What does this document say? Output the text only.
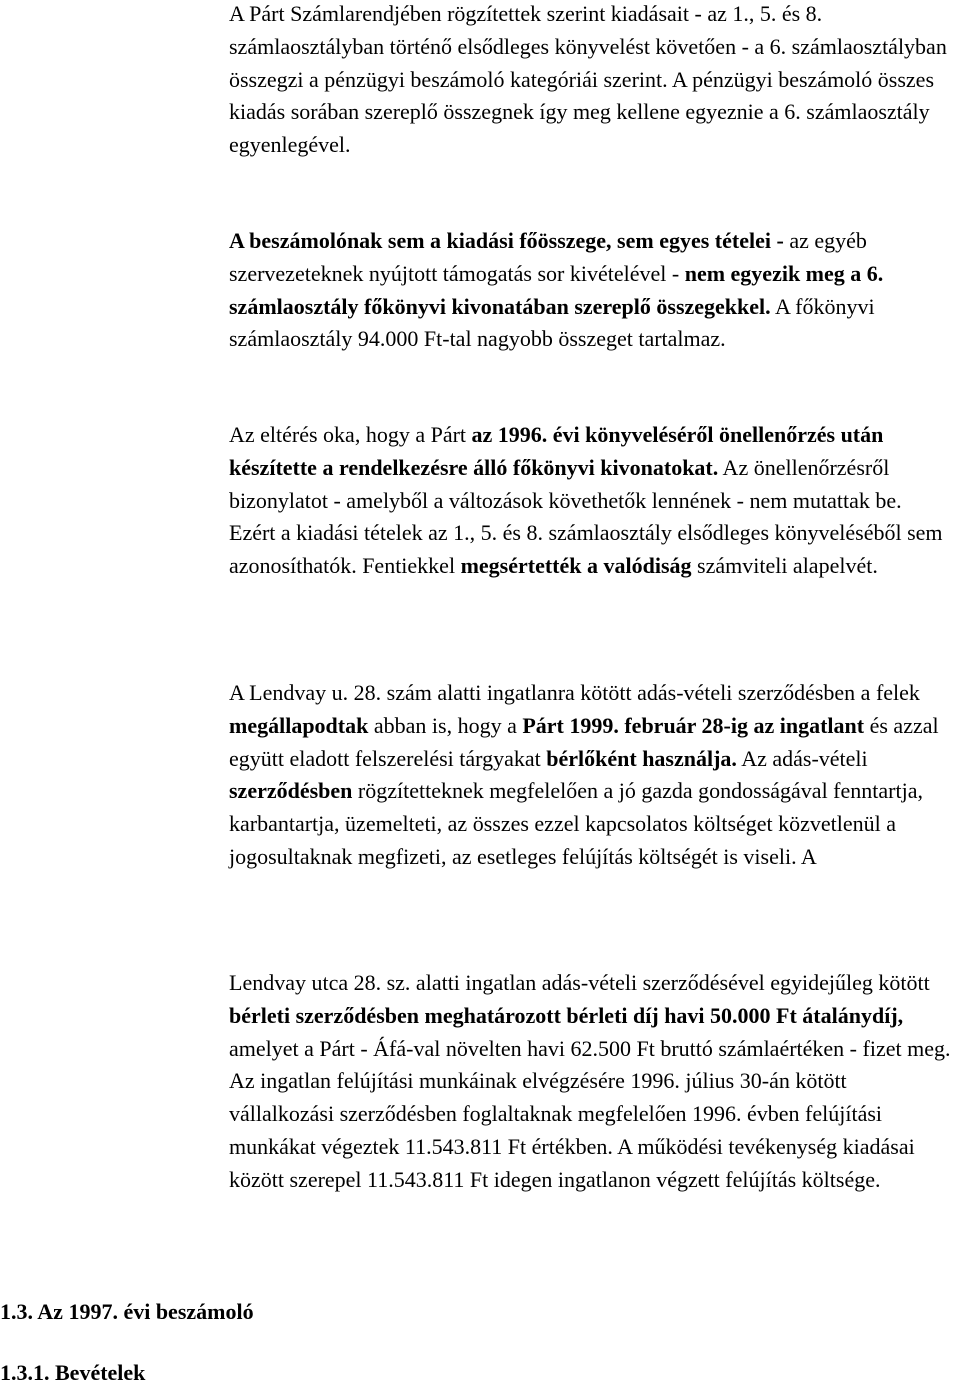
A Párt Számlarendjében rögzítettek szerint kiadásait - az 1., 5. és 8. számlaosztályban történő elsődleges könyvelést követően - a 6. számlaosztályban összegzi a pénzügyi beszámoló kategóriái szerint. A pénzügyi beszámoló összes kiadás sorában szereplő összegnek így meg kellene egyeznie a 6. számlaosztály egyenlegével.

A beszámolónak sem a kiadási főösszege, sem egyes tételei - az egyéb szervezeteknek nyújtott támogatás sor kivételével - nem egyezik meg a 6. számlaosztály főkönyvi kivonatában szereplő összegekkel. A főkönyvi számlaosztály 94.000 Ft-tal nagyobb összeget tartalmaz.

Az eltérés oka, hogy a Párt az 1996. évi könyveléséről önellenőrzés után készítette a rendelkezésre álló főkönyvi kivonatokat. Az önellenőrzésről bizonylatot - amelyből a változások követhetők lennének - nem mutattak be. Ezért a kiadási tételek az 1., 5. és 8. számlaosztály elsődleges könyveléséből sem azonosíthatók. Fentiekkel megsértették a valódiság számviteli alapelvét.

A Lendvay u. 28. szám alatti ingatlanra kötött adás-vételi szerződésben a felek megállapodtak abban is, hogy a Párt 1999. február 28-ig az ingatlant és azzal együtt eladott felszerelési tárgyakat bérlőként használja. Az adás-vételi szerződésben rögzítetteknek megfelelően a jó gazda gondosságával fenntartja, karbantartja, üzemelteti, az összes ezzel kapcsolatos költséget közvetlenül a jogosultaknak megfizeti, az esetleges felújítás költségét is viseli. A

Lendvay utca 28. sz. alatti ingatlan adás-vételi szerződésével egyidejűleg kötött bérleti szerződésben meghatározott bérleti díj havi 50.000 Ft átalánydíj, amelyet a Párt - Áfá-val növelten havi 62.500 Ft bruttó számlaértéken - fizet meg. Az ingatlan felújítási munkáinak elvégzésére 1996. július 30-án kötött vállalkozási szerződésben foglaltaknak megfelelően 1996. évben felújítási munkákat végeztek 11.543.811 Ft értékben. A működési tevékenység kiadásai között szerepel 11.543.811 Ft idegen ingatlanon végzett felújítás költsége.

1.3. Az 1997. évi beszámoló
1.3.1. Bevételek
